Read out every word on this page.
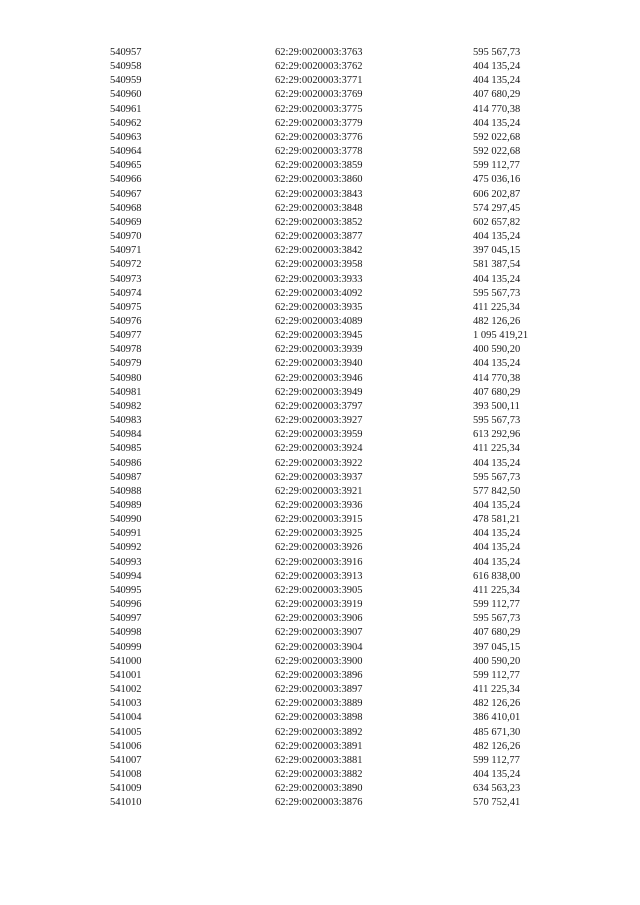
540957	62:29:0020003:3763	595 567,73
540958	62:29:0020003:3762	404 135,24
540959	62:29:0020003:3771	404 135,24
540960	62:29:0020003:3769	407 680,29
540961	62:29:0020003:3775	414 770,38
540962	62:29:0020003:3779	404 135,24
540963	62:29:0020003:3776	592 022,68
540964	62:29:0020003:3778	592 022,68
540965	62:29:0020003:3859	599 112,77
540966	62:29:0020003:3860	475 036,16
540967	62:29:0020003:3843	606 202,87
540968	62:29:0020003:3848	574 297,45
540969	62:29:0020003:3852	602 657,82
540970	62:29:0020003:3877	404 135,24
540971	62:29:0020003:3842	397 045,15
540972	62:29:0020003:3958	581 387,54
540973	62:29:0020003:3933	404 135,24
540974	62:29:0020003:4092	595 567,73
540975	62:29:0020003:3935	411 225,34
540976	62:29:0020003:4089	482 126,26
540977	62:29:0020003:3945	1 095 419,21
540978	62:29:0020003:3939	400 590,20
540979	62:29:0020003:3940	404 135,24
540980	62:29:0020003:3946	414 770,38
540981	62:29:0020003:3949	407 680,29
540982	62:29:0020003:3797	393 500,11
540983	62:29:0020003:3927	595 567,73
540984	62:29:0020003:3959	613 292,96
540985	62:29:0020003:3924	411 225,34
540986	62:29:0020003:3922	404 135,24
540987	62:29:0020003:3937	595 567,73
540988	62:29:0020003:3921	577 842,50
540989	62:29:0020003:3936	404 135,24
540990	62:29:0020003:3915	478 581,21
540991	62:29:0020003:3925	404 135,24
540992	62:29:0020003:3926	404 135,24
540993	62:29:0020003:3916	404 135,24
540994	62:29:0020003:3913	616 838,00
540995	62:29:0020003:3905	411 225,34
540996	62:29:0020003:3919	599 112,77
540997	62:29:0020003:3906	595 567,73
540998	62:29:0020003:3907	407 680,29
540999	62:29:0020003:3904	397 045,15
541000	62:29:0020003:3900	400 590,20
541001	62:29:0020003:3896	599 112,77
541002	62:29:0020003:3897	411 225,34
541003	62:29:0020003:3889	482 126,26
541004	62:29:0020003:3898	386 410,01
541005	62:29:0020003:3892	485 671,30
541006	62:29:0020003:3891	482 126,26
541007	62:29:0020003:3881	599 112,77
541008	62:29:0020003:3882	404 135,24
541009	62:29:0020003:3890	634 563,23
541010	62:29:0020003:3876	570 752,41
